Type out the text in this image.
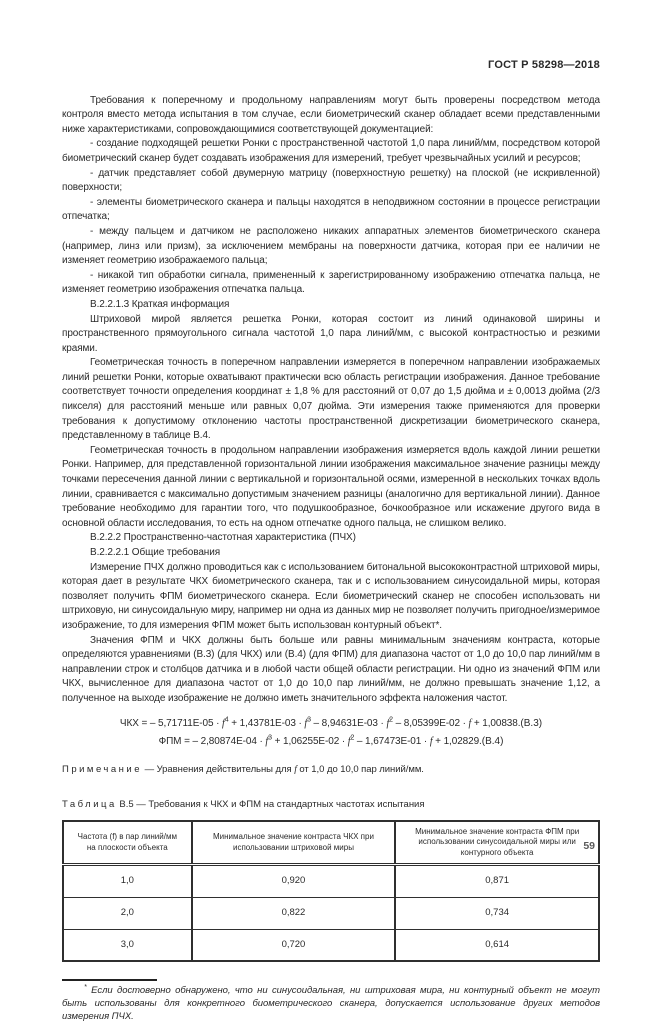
ГОСТ Р 58298—2018

Требования к поперечному и продольному направлениям могут быть проверены посредством метода контроля вместо метода испытания в том случае, если биометрический сканер обладает всеми представленными ниже характеристиками, сопровождающимися соответствующей документацией:

- создание подходящей решетки Ронки с пространственной частотой 1,0 пара линий/мм, посредством которой биометрический сканер будет создавать изображения для измерений, требует чрезвычайных усилий и ресурсов;

- датчик представляет собой двумерную матрицу (поверхностную решетку) на плоской (не искривленной) поверхности;

- элементы биометрического сканера и пальцы находятся в неподвижном состоянии в процессе регистрации отпечатка;

- между пальцем и датчиком не расположено никаких аппаратных элементов биометрического сканера (например, линз или призм), за исключением мембраны на поверхности датчика, которая при ее наличии не изменяет геометрию изображаемого пальца;

- никакой тип обработки сигнала, примененный к зарегистрированному изображению отпечатка пальца, не изменяет геометрию изображения отпечатка пальца.

В.2.2.1.3 Краткая информация

Штриховой мирой является решетка Ронки, которая состоит из линий одинаковой ширины и пространственного прямоугольного сигнала частотой 1,0 пара линий/мм, с высокой контрастностью и резкими краями.

Геометрическая точность в поперечном направлении измеряется в поперечном направлении изображаемых линий решетки Ронки, которые охватывают практически всю область регистрации изображения. Данное требование соответствует точности определения координат ± 1,8 % для расстояний от 0,07 до 1,5 дюйма и ± 0,0013 дюйма (2/3 пикселя) для расстояний меньше или равных 0,07 дюйма. Эти измерения также применяются для проверки требования к допустимому отклонению частоты пространственной дискретизации биометрического сканера, представленному в таблице В.4.

Геометрическая точность в продольном направлении изображения измеряется вдоль каждой линии решетки Ронки. Например, для представленной горизонтальной линии изображения максимальное значение разницы между точками пересечения данной линии с вертикальной и горизонтальной осями, измеренной в нескольких точках вдоль линии, сравнивается с максимально допустимым значением разницы (аналогично для вертикальной линии). Данное требование необходимо для гарантии того, что подушкообразное, бочкообразное или искажение другого вида в основной области исследования, то есть на одном отпечатке одного пальца, не слишком велико.

В.2.2.2 Пространственно-частотная характеристика (ПЧХ)

В.2.2.2.1 Общие требования

Измерение ПЧХ должно проводиться как с использованием битональной высококонтрастной штриховой миры, которая дает в результате ЧКХ биометрического сканера, так и с использованием синусоидальной миры, которая позволяет получить ФПМ биометрического сканера. Если биометрический сканер не способен использовать ни штриховую, ни синусоидальную миру, например ни одна из данных мир не позволяет получить пригодное/измеримое изображение, то для измерения ФПМ может быть использован контурный объект*.

Значения ФПМ и ЧКХ должны быть больше или равны минимальным значениям контраста, которые определяются уравнениями (В.3) (для ЧКХ) или (В.4) (для ФПМ) для диапазона частот от 1,0 до 10,0 пар линий/мм в направлении строк и столбцов датчика и в любой части общей области регистрации. Ни одно из значений ФПМ или ЧКХ, вычисленное для диапазона частот от 1,0 до 10,0 пар линий/мм, не должно превышать значение 1,12, а полученное на выходе изображение не должно иметь значительного эффекта наложения частот.

ЧКХ = – $5,71711E-05 \cdot f^4 + 1,43781E-03 \cdot f^3 - 8,94631E-03 \cdot f^2 - 8,05399E-02 \cdot f + 1,00838.(В.3)$
ФПМ = – $2,80874E-04 \cdot f^3 + 1,06255E-02 \cdot f^2 - 1,67473E-01 \cdot f + 1,02829.(В.4)$

Примечание — Уравнения действительны для f от 1,0 до 10,0 пар линий/мм.

Таблица В.5 — Требования к ЧКХ и ФПМ на стандартных частотах испытания

Частота (f) в пар линий/мм на плоскости объекта	Минимальное значение контраста ЧКХ при использовании штриховой миры	Минимальное значение контраста ФПМ при использовании синусоидальной миры или контурного объекта
1,0	0,920	0,871
2,0	0,822	0,734
3,0	0,720	0,614

* Если достоверно обнаружено, что ни синусоидальная, ни штриховая мира, ни контурный объект не могут быть использованы для конкретного биометрического сканера, допускается использование других методов измерения ПЧХ.

59
